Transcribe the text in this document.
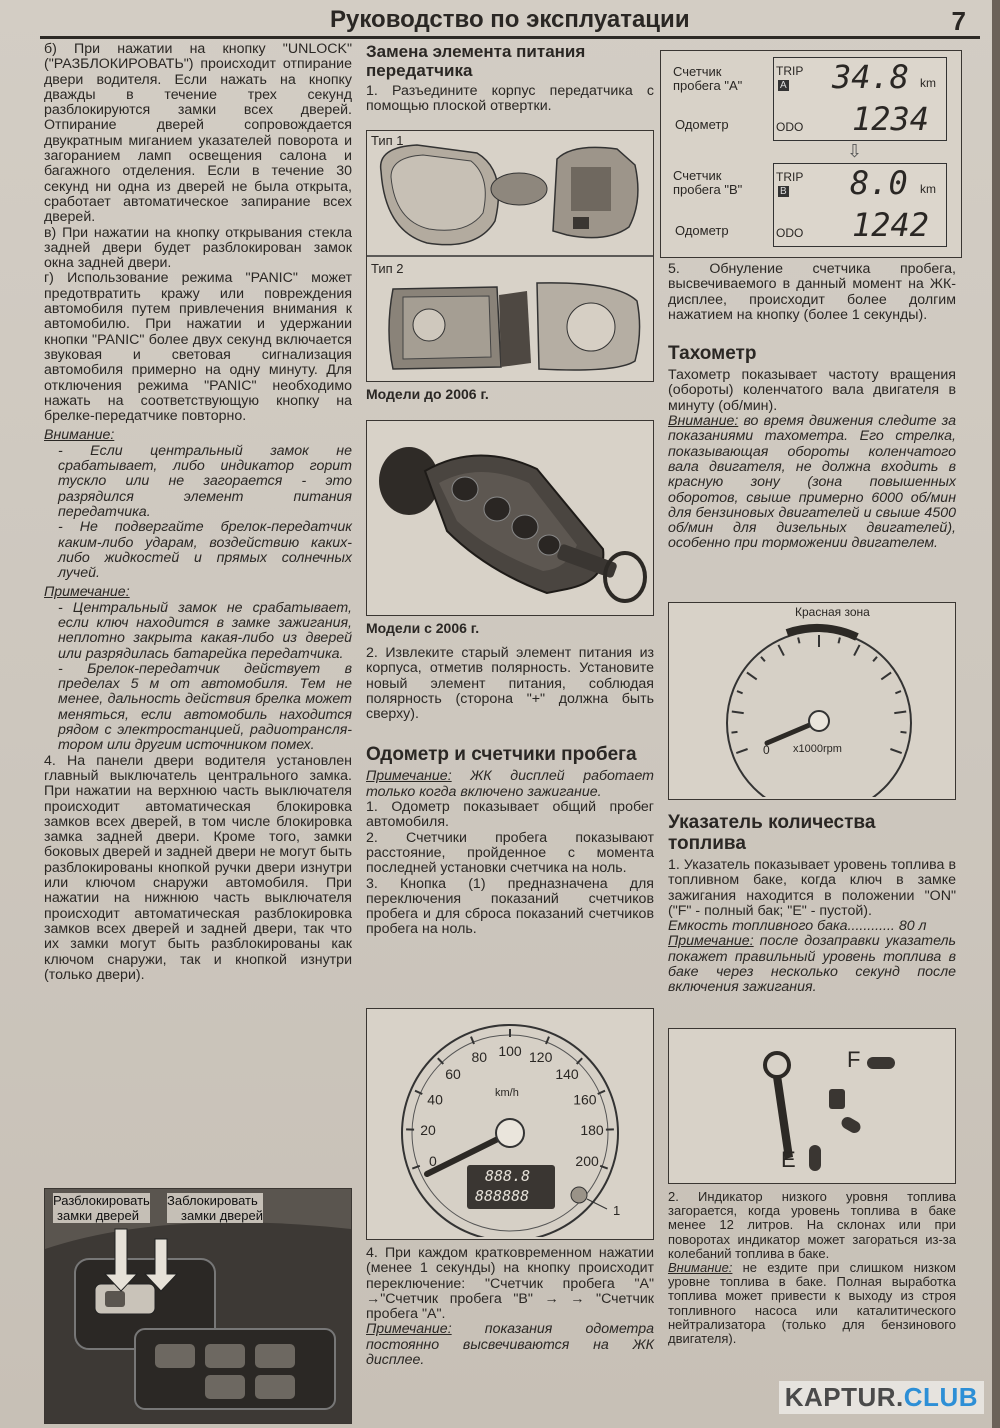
Руководство по эксплуатации	7

б) При нажатии на кнопку "UNLOCK" ("РАЗБЛОКИРОВАТЬ") происходит отпирание двери водителя. Если нажать на кнопку дважды в течение трех секунд разблокируются замки всех дверей. Отпирание дверей сопровождается двукратным миганием указателей поворота и загоранием ламп освещения салона и багажного отделения. Если в течение 30 секунд ни одна из дверей не была открыта, сработает автоматическое запирание всех дверей.

в) При нажатии на кнопку открывания стекла задней двери будет разблокирован замок окна задней двери.

г) Использование режима "PANIC" может предотвратить кражу или повреждения автомобиля путем привлечения внимания к автомобилю. При нажатии и удержании кнопки "PANIC" более двух секунд включается звуковая и световая сигнализация автомобиля примерно на одну минуту. Для отключения режима "PANIC" необходимо нажать на соответствующую кнопку на брелке-передатчике повторно.

Внимание:

- Если центральный замок не срабатывает, либо индикатор горит тускло или не загорается - это разрядился элемент питания передатчика.

- Не подвергайте брелок-передатчик каким-либо ударам, воздействию каких-либо жидкостей и прямых солнечных лучей.

Примечание:

- Центральный замок не срабатывает, если ключ находится в замке зажигания, неплотно закрыта какая-либо из дверей или разрядилась батарейка передатчика.

- Брелок-передатчик действует в пределах 5 м от автомобиля. Тем не менее, дальность действия брелка может меняться, если автомобиль находится рядом с электростанцией, радиотрансля-тором или другим источником помех.

4. На панели двери водителя установлен главный выключатель центрального замка. При нажатии на верхнюю часть выключателя происходит автоматическая блокировка замков всех дверей, в том числе блокировка замка задней двери. Кроме того, замки боковых дверей и задней двери не могут быть разблокированы кнопкой ручки двери изнутри или ключом снаружи автомобиля. При нажатии на нижнюю часть выключателя происходит автоматическая разблокировка замков всех дверей и задней двери, так что их замки могут быть разблокированы как ключом снаружи, так и кнопкой изнутри (только двери).

Разблокировать
замки дверей
Заблокировать
замки дверей
Замена элемента питания передатчика

1. Разъедините корпус передатчика с помощью плоской отвертки.

Тип 1
Тип 2
Модели до 2006 г.
Модели с 2006 г.

2. Извлеките старый элемент питания из корпуса, отметив полярность. Установите новый элемент питания, соблюдая полярность (сторона "+" должна быть сверху).

Одометр и счетчики пробега

Примечание: ЖК дисплей работает только когда включено зажигание.

1. Одометр показывает общий пробег автомобиля.

2. Счетчики пробега показывают расстояние, пройденное с момента последней установки счетчика на ноль.

3. Кнопка (1) предназначена для переключения показаний счетчиков пробега и для сброса показаний счетчиков пробега на ноль.

0
20
40
60
80 100 120
140
160
180
200
km/h
888.8
888888
1

4. При каждом кратковременном нажатии (менее 1 секунды) на кнопку происходит переключение: "Счетчик пробега "A" →"Счетчик пробега "B" → → "Счетчик пробега "A".

Примечание: показания одометра постоянно высвечиваются на ЖК дисплее.

Счетчик
пробега "A"
Одометр
Счетчик
пробега "B"
Одометр
TRIP
A 34.8 km
ODO 1234
⇩
TRIP
B 8.0 km
ODO 1242

5. Обнуление счетчика пробега, высвечиваемого в данный момент на ЖК-дисплее, происходит более долгим нажатием на кнопку (более 1 секунды).

Тахометр

Тахометр показывает частоту вращения (обороты) коленчатого вала двигателя в минуту (об/мин).

Внимание: во время движения следите за показаниями тахометра. Его стрелка, показывающая обороты коленчатого вала двигателя, не должна входить в красную зону (зона повышенных оборотов, свыше примерно 6000 об/мин для бензиновых двигателей и свыше 4500 об/мин для дизельных двигателей), особенно при торможении двигателем.

Красная зона
0 x1000rpm
Указатель количества топлива

1. Указатель показывает уровень топлива в топливном баке, когда ключ в замке зажигания находится в положении "ON" ("F" - полный бак; "E" - пустой).

Емкость топливного бака............ 80 л

Примечание: после дозаправки указатель покажет правильный уровень топлива в баке через несколько секунд после включения зажигания.

F
E

2. Индикатор низкого уровня топлива загорается, когда уровень топлива в баке менее 12 литров. На склонах или при поворотах индикатор может загораться из-за колебаний топлива в баке.

Внимание: не ездите при слишком низком уровне топлива в баке. Полная выработка топлива может привести к выходу из строя топливного насоса или каталитического нейтрализатора (только для бензинового двигателя).

KAPTUR.CLUB
